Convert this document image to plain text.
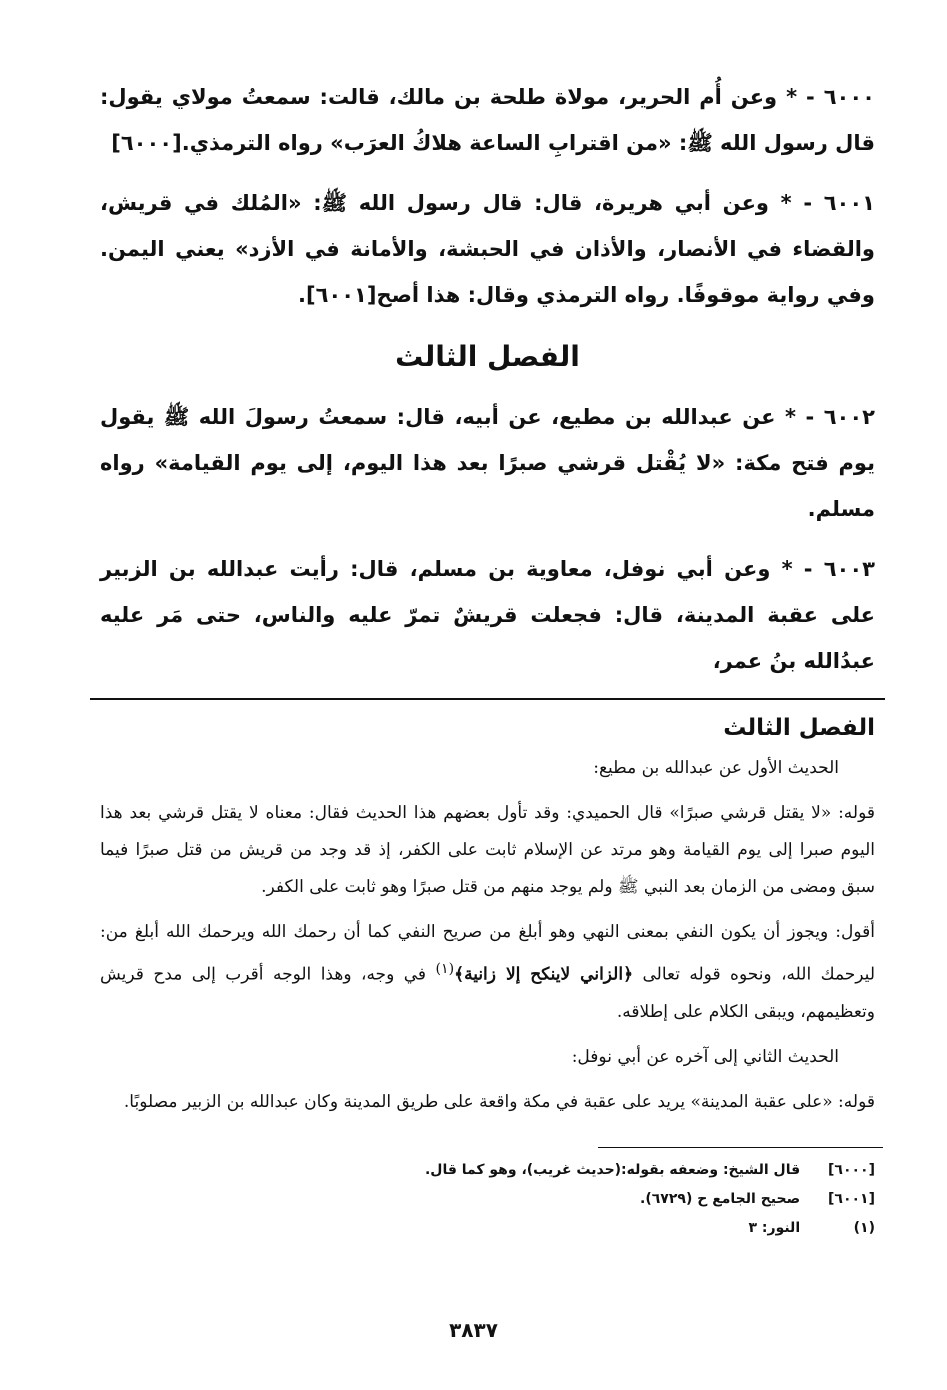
٦٠٠٠ - * وعن أُم الحرير، مولاة طلحة بن مالك، قالت: سمعتُ مولاي يقول: قال رسول الله ﷺ: «من اقترابِ الساعة هلاكُ العرَب» رواه الترمذي.[٦٠٠٠]

٦٠٠١ - * وعن أبي هريرة، قال: قال رسول الله ﷺ: «المُلك في قريش، والقضاء في الأنصار، والأذان في الحبشة، والأمانة في الأزد» يعني اليمن. وفي رواية موقوفًا. رواه الترمذي وقال: هذا أصح[٦٠٠١].

الفصل الثالث

٦٠٠٢ - * عن عبدالله بن مطيع، عن أبيه، قال: سمعتُ رسولَ الله ﷺ يقول يوم فتح مكة: «لا يُقْتل قرشي صبرًا بعد هذا اليوم، إلى يوم القيامة» رواه مسلم.

٦٠٠٣ - * وعن أبي نوفل، معاوية بن مسلم، قال: رأيت عبدالله بن الزبير على عقبة المدينة، قال: فجعلت قريشٌ تمرّ عليه والناس، حتى مَر عليه عبدُالله بنُ عمر،

الفصل الثالث

الحديث الأول عن عبدالله بن مطيع:

قوله: «لا يقتل قرشي صبرًا» قال الحميدي: وقد تأول بعضهم هذا الحديث فقال: معناه لا يقتل قرشي بعد هذا اليوم صبرا إلى يوم القيامة وهو مرتد عن الإسلام ثابت على الكفر، إذ قد وجد من قريش من قتل صبرًا فيما سبق ومضى من الزمان بعد النبي ﷺ ولم يوجد منهم من قتل صبرًا وهو ثابت على الكفر.

أقول: ويجوز أن يكون النفي بمعنى النهي وهو أبلغ من صريح النفي كما أن رحمك الله ويرحمك الله أبلغ من: ليرحمك الله، ونحوه قوله تعالى ﴿الزاني لاينكح إلا زانية﴾$^{(١)}$ في وجه، وهذا الوجه أقرب إلى مدح قريش وتعظيمهم، ويبقى الكلام على إطلاقه.

الحديث الثاني إلى آخره عن أبي نوفل:

قوله: «على عقبة المدينة» يريد على عقبة في مكة واقعة على طريق المدينة وكان عبدالله بن الزبير مصلوبًا.

[٦٠٠٠] قال الشيخ: وضعفه بقوله:(حديث غريب)، وهو كما قال.
[٦٠٠١] صحيح الجامع ح (٦٧٢٩).
(١) النور: ٣
٣٨٣٧
